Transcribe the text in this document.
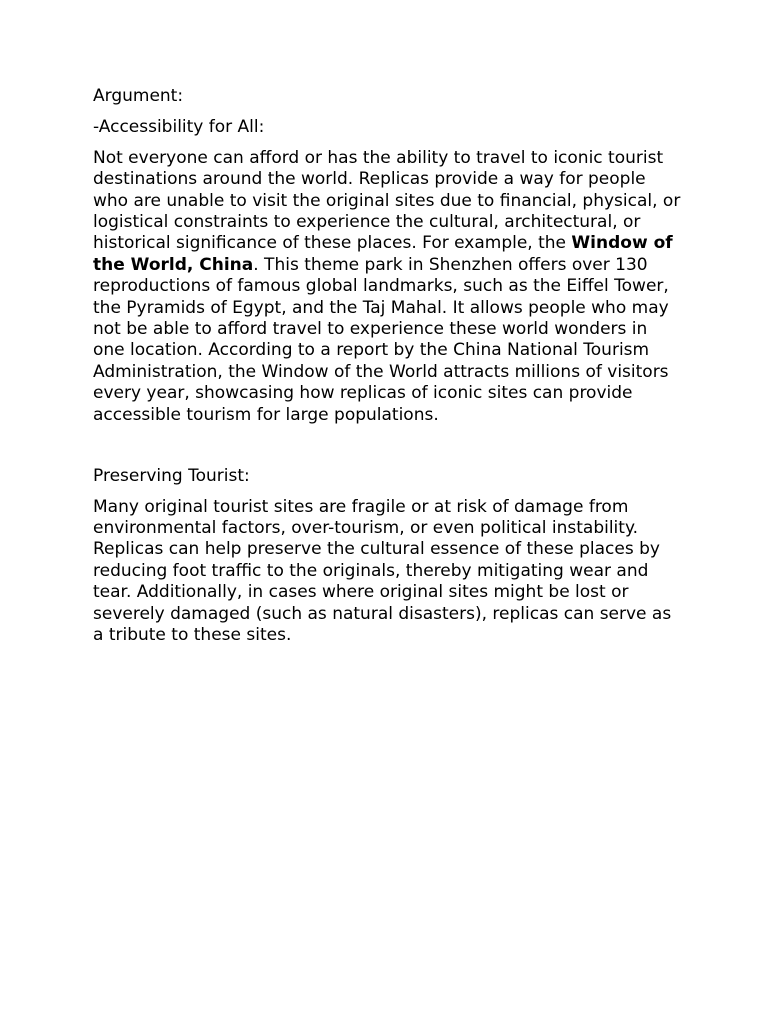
Argument:

-Accessibility for All:

Not everyone can afford or has the ability to travel to iconic tourist destinations around the world. Replicas provide a way for people who are unable to visit the original sites due to financial, physical, or logistical constraints to experience the cultural, architectural, or historical significance of these places. For example, the Window of the World, China. This theme park in Shenzhen offers over 130 reproductions of famous global landmarks, such as the Eiffel Tower, the Pyramids of Egypt, and the Taj Mahal. It allows people who may not be able to afford travel to experience these world wonders in one location. According to a report by the China National Tourism Administration, the Window of the World attracts millions of visitors every year, showcasing how replicas of iconic sites can provide accessible tourism for large populations.

Preserving Tourist:

Many original tourist sites are fragile or at risk of damage from environmental factors, over-tourism, or even political instability. Replicas can help preserve the cultural essence of these places by reducing foot traffic to the originals, thereby mitigating wear and tear. Additionally, in cases where original sites might be lost or severely damaged (such as natural disasters), replicas can serve as a tribute to these sites.
